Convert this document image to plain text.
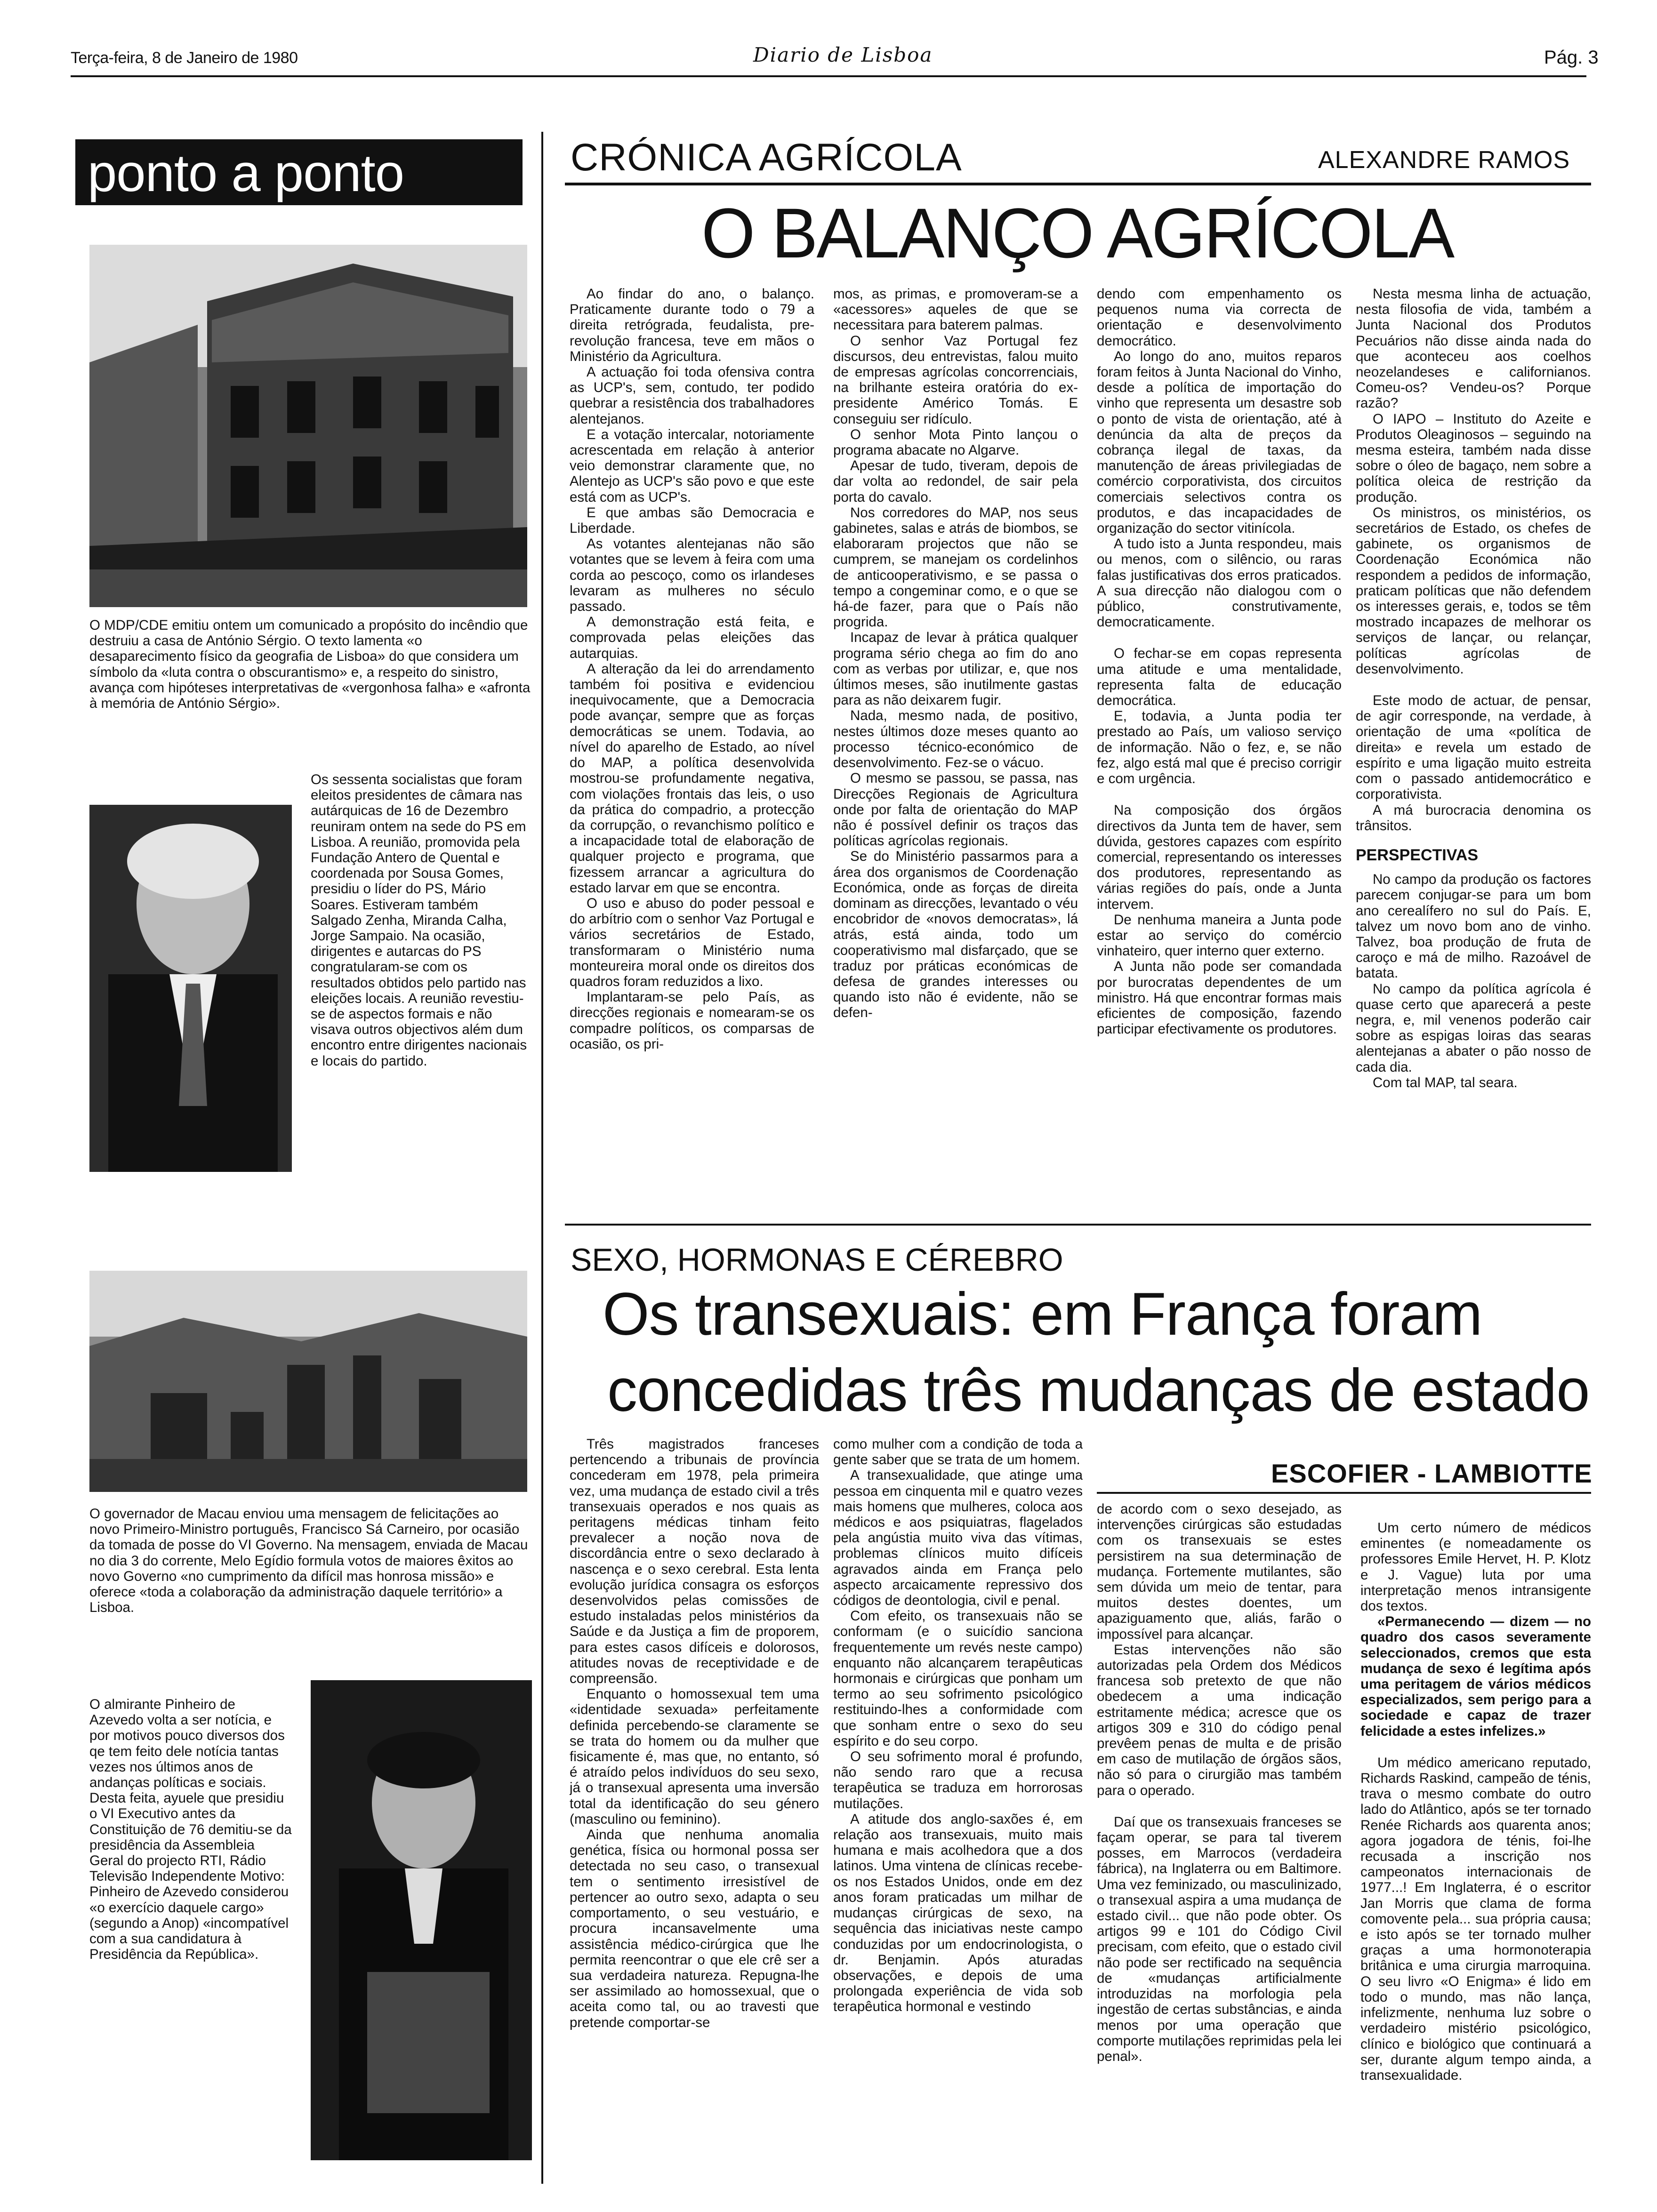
Terça-feira, 8 de Janeiro de 1980	Diario de Lisboa	Pág. 3
ponto a ponto
O MDP/CDE emitiu ontem um comunicado a propósito do incêndio que destruiu a casa de António Sérgio. O texto lamenta «o desaparecimento físico da geografia de Lisboa» do que considera um símbolo da «luta contra o obscurantismo» e, a respeito do sinistro, avança com hipóteses interpretativas de «vergonhosa falha» e «afronta à memória de António Sérgio».
Os sessenta socialistas que foram eleitos presidentes de câmara nas autárquicas de 16 de Dezembro reuniram ontem na sede do PS em Lisboa. A reunião, promovida pela Fundação Antero de Quental e coordenada por Sousa Gomes, presidiu o líder do PS, Mário Soares. Estiveram também Salgado Zenha, Miranda Calha, Jorge Sampaio. Na ocasião, dirigentes e autarcas do PS congratularam-se com os resultados obtidos pelo partido nas eleições locais. A reunião revestiu-se de aspectos formais e não visava outros objectivos além dum encontro entre dirigentes nacionais e locais do partido.
O governador de Macau enviou uma mensagem de felicitações ao novo Primeiro-Ministro português, Francisco Sá Carneiro, por ocasião da tomada de posse do VI Governo. Na mensagem, enviada de Macau no dia 3 do corrente, Melo Egídio formula votos de maiores êxitos ao novo Governo «no cumprimento da difícil mas honrosa missão» e oferece «toda a colaboração da administração daquele território» a Lisboa.
O almirante Pinheiro de Azevedo volta a ser notícia, e por motivos pouco diversos dos qe tem feito dele notícia tantas vezes nos últimos anos de andanças políticas e sociais. Desta feita, ayuele que presidiu o VI Executivo antes da Constituição de 76 demitiu-se da presidência da Assembleia Geral do projecto RTI, Rádio Televisão Independente Motivo: Pinheiro de Azevedo considerou «o exercício daquele cargo» (segundo a Anop) «incompatível com a sua candidatura à Presidência da República».
CRÓNICA AGRÍCOLA	ALEXANDRE RAMOS
O BALANÇO AGRÍCOLA

Ao findar do ano, o balanço. Praticamente durante todo o 79 a direita retrógrada, feudalista, pre-revolução francesa, teve em mãos o Ministério da Agricultura.

A actuação foi toda ofensiva contra as UCP's, sem, contudo, ter podido quebrar a resistência dos trabalhadores alentejanos.

E a votação intercalar, notoriamente acrescentada em relação à anterior veio demonstrar claramente que, no Alentejo as UCP's são povo e que este está com as UCP's.

E que ambas são Democracia e Liberdade.

As votantes alentejanas não são votantes que se levem à feira com uma corda ao pescoço, como os irlandeses levaram as mulheres no século passado.

A demonstração está feita, e comprovada pelas eleições das autarquias.

A alteração da lei do arrendamento também foi positiva e evidenciou inequivocamente, que a Democracia pode avançar, sempre que as forças democráticas se unem. Todavia, ao nível do aparelho de Estado, ao nível do MAP, a política desenvolvida mostrou-se profundamente negativa, com violações frontais das leis, o uso da prática do compadrio, a protecção da corrupção, o revanchismo político e a incapacidade total de elaboração de qualquer projecto e programa, que fizessem arrancar a agricultura do estado larvar em que se encontra.

O uso e abuso do poder pessoal e do arbítrio com o senhor Vaz Portugal e vários secretários de Estado, transformaram o Ministério numa monteureira moral onde os direitos dos quadros foram reduzidos a lixo.

Implantaram-se pelo País, as direcções regionais e nomearam-se os compadre políticos, os comparsas de ocasião, os pri-

mos, as primas, e promoveram-se a «acessores» aqueles de que se necessitara para baterem palmas.

O senhor Vaz Portugal fez discursos, deu entrevistas, falou muito de empresas agrícolas concorrenciais, na brilhante esteira oratória do ex-presidente Américo Tomás. E conseguiu ser ridículo.

O senhor Mota Pinto lançou o programa abacate no Algarve.

Apesar de tudo, tiveram, depois de dar volta ao redondel, de sair pela porta do cavalo.

Nos corredores do MAP, nos seus gabinetes, salas e atrás de biombos, se elaboraram projectos que não se cumprem, se manejam os cordelinhos de anticooperativismo, e se passa o tempo a congeminar como, e o que se há-de fazer, para que o País não progrida.

Incapaz de levar à prática qualquer programa sério chega ao fim do ano com as verbas por utilizar, e, que nos últimos meses, são inutilmente gastas para as não deixarem fugir.

Nada, mesmo nada, de positivo, nestes últimos doze meses quanto ao processo técnico-económico de desenvolvimento. Fez-se o vácuo.

O mesmo se passou, se passa, nas Direcções Regionais de Agricultura onde por falta de orientação do MAP não é possível definir os traços das políticas agrícolas regionais.

Se do Ministério passarmos para a área dos organismos de Coordenação Económica, onde as forças de direita dominam as direcções, levantado o véu encobridor de «novos democratas», lá atrás, está ainda, todo um cooperativismo mal disfarçado, que se traduz por práticas económicas de defesa de grandes interesses ou quando isto não é evidente, não se defen-

dendo com empenhamento os pequenos numa via correcta de orientação e desenvolvimento democrático.

Ao longo do ano, muitos reparos foram feitos à Junta Nacional do Vinho, desde a política de importação do vinho que representa um desastre sob o ponto de vista de orientação, até à denúncia da alta de preços da cobrança ilegal de taxas, da manutenção de áreas privilegiadas de comércio corporativista, dos circuitos comerciais selectivos contra os produtos, e das incapacidades de organização do sector vitinícola.

A tudo isto a Junta respondeu, mais ou menos, com o silêncio, ou raras falas justificativas dos erros praticados. A sua direcção não dialogou com o público, construtivamente, democraticamente.

O fechar-se em copas representa uma atitude e uma mentalidade, representa falta de educação democrática.

E, todavia, a Junta podia ter prestado ao País, um valioso serviço de informação. Não o fez, e, se não fez, algo está mal que é preciso corrigir e com urgência.

Na composição dos órgãos directivos da Junta tem de haver, sem dúvida, gestores capazes com espírito comercial, representando os interesses dos produtores, representando as várias regiões do país, onde a Junta intervem.

De nenhuma maneira a Junta pode estar ao serviço do comércio vinhateiro, quer interno quer externo.

A Junta não pode ser comandada por burocratas dependentes de um ministro. Há que encontrar formas mais eficientes de composição, fazendo participar efectivamente os produtores.

Nesta mesma linha de actuação, nesta filosofia de vida, também a Junta Nacional dos Produtos Pecuários não disse ainda nada do que aconteceu aos coelhos neozelandeses e californianos. Comeu-os? Vendeu-os? Porque razão?

O IAPO – Instituto do Azeite e Produtos Oleaginosos – seguindo na mesma esteira, também nada disse sobre o óleo de bagaço, nem sobre a política oleica de restrição da produção.

Os ministros, os ministérios, os secretários de Estado, os chefes de gabinete, os organismos de Coordenação Económica não respondem a pedidos de informação, praticam políticas que não defendem os interesses gerais, e, todos se têm mostrado incapazes de melhorar os serviços de lançar, ou relançar, políticas agrícolas de desenvolvimento.

Este modo de actuar, de pensar, de agir corresponde, na verdade, à orientação de uma «política de direita» e revela um estado de espírito e uma ligação muito estreita com o passado antidemocrático e corporativista.

A má burocracia denomina os trânsitos.

PERSPECTIVAS

No campo da produção os factores parecem conjugar-se para um bom ano cerealífero no sul do País. E, talvez um novo bom ano de vinho. Talvez, boa produção de fruta de caroço e má de milho. Razoável de batata.

No campo da política agrícola é quase certo que aparecerá a peste negra, e, mil venenos poderão cair sobre as espigas loiras das searas alentejanas a abater o pão nosso de cada dia.

Com tal MAP, tal seara.

SEXO, HORMONAS E CÉREBRO
Os transexuais: em França foram
concedidas três mudanças de estado

Três magistrados franceses pertencendo a tribunais de província concederam em 1978, pela primeira vez, uma mudança de estado civil a três transexuais operados e nos quais as peritagens médicas tinham feito prevalecer a noção nova de discordância entre o sexo declarado à nascença e o sexo cerebral. Esta lenta evolução jurídica consagra os esforços desenvolvidos pelas comissões de estudo instaladas pelos ministérios da Saúde e da Justiça a fim de proporem, para estes casos difíceis e dolorosos, atitudes novas de receptividade e de compreensão.

Enquanto o homossexual tem uma «identidade sexuada» perfeitamente definida percebendo-se claramente se se trata do homem ou da mulher que fisicamente é, mas que, no entanto, só é atraído pelos indivíduos do seu sexo, já o transexual apresenta uma inversão total da identificação do seu género (masculino ou feminino).

Ainda que nenhuma anomalia genética, física ou hormonal possa ser detectada no seu caso, o transexual tem o sentimento irresistível de pertencer ao outro sexo, adapta o seu comportamento, o seu vestuário, e procura incansavelmente uma assistência médico-cirúrgica que lhe permita reencontrar o que ele crê ser a sua verdadeira natureza. Repugna-lhe ser assimilado ao homossexual, que o aceita como tal, ou ao travesti que pretende comportar-se

como mulher com a condição de toda a gente saber que se trata de um homem.

A transexualidade, que atinge uma pessoa em cinquenta mil e quatro vezes mais homens que mulheres, coloca aos médicos e aos psiquiatras, flagelados pela angústia muito viva das vítimas, problemas clínicos muito difíceis agravados ainda em França pelo aspecto arcaicamente repressivo dos códigos de deontologia, civil e penal.

Com efeito, os transexuais não se conformam (e o suicídio sanciona frequentemente um revés neste campo) enquanto não alcançarem terapêuticas hormonais e cirúrgicas que ponham um termo ao seu sofrimento psicológico restituindo-lhes a conformidade com que sonham entre o sexo do seu espírito e do seu corpo.

O seu sofrimento moral é profundo, não sendo raro que a recusa terapêutica se traduza em horrorosas mutilações.

A atitude dos anglo-saxões é, em relação aos transexuais, muito mais humana e mais acolhedora que a dos latinos. Uma vintena de clínicas recebe-os nos Estados Unidos, onde em dez anos foram praticadas um milhar de mudanças cirúrgicas de sexo, na sequência das iniciativas neste campo conduzidas por um endocrinologista, o dr. Benjamin. Após aturadas observações, e depois de uma prolongada experiência de vida sob terapêutica hormonal e vestindo

ESCOFIER - LAMBIOTTE

de acordo com o sexo desejado, as intervenções cirúrgicas são estudadas com os transexuais se estes persistirem na sua determinação de mudança. Fortemente mutilantes, são sem dúvida um meio de tentar, para muitos destes doentes, um apaziguamento que, aliás, farão o impossível para alcançar.

Estas intervenções não são autorizadas pela Ordem dos Médicos francesa sob pretexto de que não obedecem a uma indicação estritamente médica; acresce que os artigos 309 e 310 do código penal prevêem penas de multa e de prisão em caso de mutilação de órgãos sãos, não só para o cirurgião mas também para o operado.

Daí que os transexuais franceses se façam operar, se para tal tiverem posses, em Marrocos (verdadeira fábrica), na Inglaterra ou em Baltimore. Uma vez feminizado, ou masculinizado, o transexual aspira a uma mudança de estado civil... que não pode obter. Os artigos 99 e 101 do Código Civil precisam, com efeito, que o estado civil não pode ser rectificado na sequência de «mudanças artificialmente introduzidas na morfologia pela ingestão de certas substâncias, e ainda menos por uma operação que comporte mutilações reprimidas pela lei penal».

Um certo número de médicos eminentes (e nomeadamente os professores Emile Hervet, H. P. Klotz e J. Vague) luta por uma interpretação menos intransigente dos textos.

«Permanecendo — dizem — no quadro dos casos severamente seleccionados, cremos que esta mudança de sexo é legítima após uma peritagem de vários médicos especializados, sem perigo para a sociedade e capaz de trazer felicidade a estes infelizes.»

Um médico americano reputado, Richards Raskind, campeão de ténis, trava o mesmo combate do outro lado do Atlântico, após se ter tornado Renée Richards aos quarenta anos; agora jogadora de ténis, foi-lhe recusada a inscrição nos campeonatos internacionais de 1977...! Em Inglaterra, é o escritor Jan Morris que clama de forma comovente pela... sua própria causa; e isto após se ter tornado mulher graças a uma hormonoterapia britânica e uma cirurgia marroquina. O seu livro «O Enigma» é lido em todo o mundo, mas não lança, infelizmente, nenhuma luz sobre o verdadeiro mistério psicológico, clínico e biológico que continuará a ser, durante algum tempo ainda, a transexualidade.
